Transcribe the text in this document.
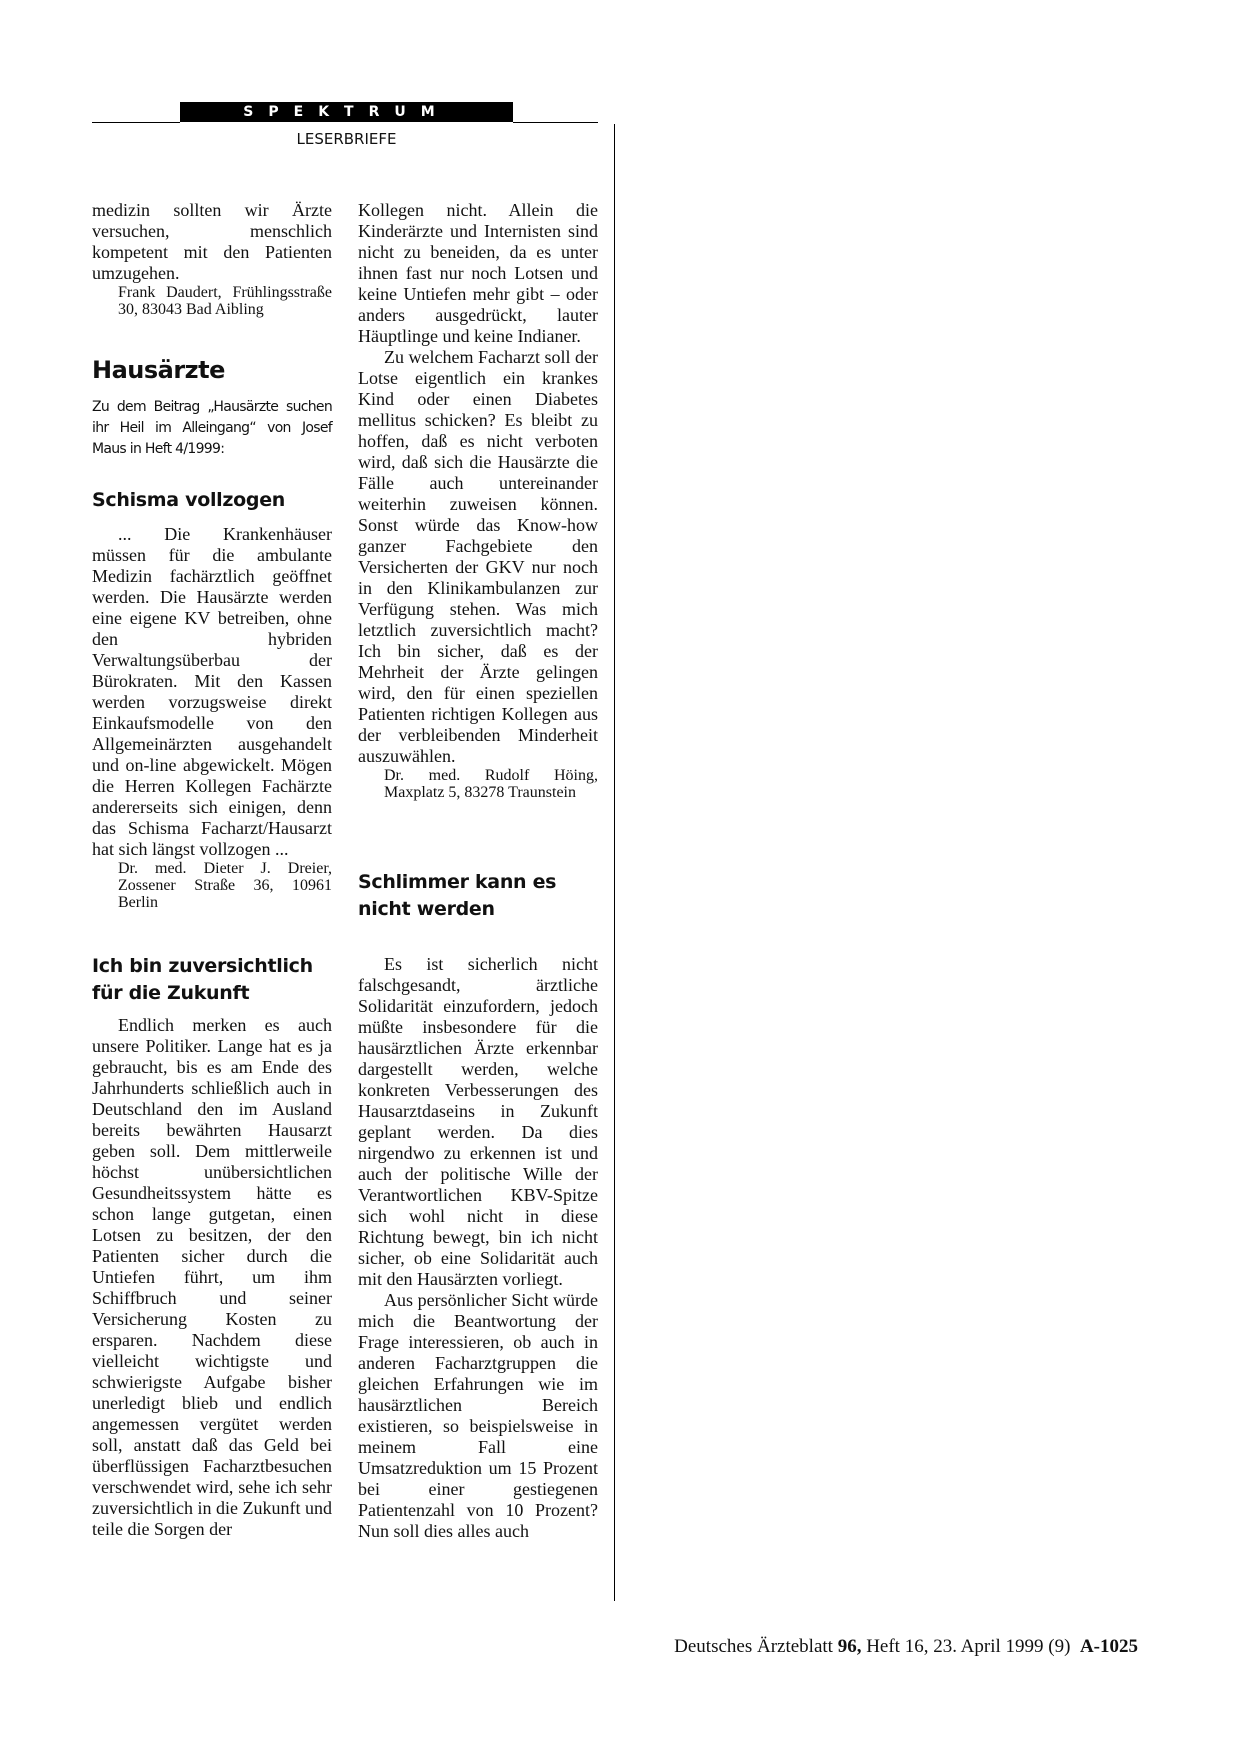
SPEKTRUM
LESERBRIEFE

medizin sollten wir Ärzte versuchen, menschlich kompetent mit den Patienten umzugehen.

Frank Daudert, Frühlingsstraße 30, 83043 Bad Aibling

Hausärzte

Zu dem Beitrag „Hausärzte suchen ihr Heil im Alleingang“ von Josef Maus in Heft 4/1999:

Schisma vollzogen

... Die Krankenhäuser müssen für die ambulante Medizin fachärztlich geöffnet werden. Die Hausärzte werden eine eigene KV betreiben, ohne den hybriden Verwaltungsüberbau der Bürokraten. Mit den Kassen werden vorzugsweise direkt Einkaufsmodelle von den Allgemeinärzten ausgehandelt und on-line abgewickelt. Mögen die Herren Kollegen Fachärzte andererseits sich einigen, denn das Schisma Facharzt/Hausarzt hat sich längst vollzogen ...

Dr. med. Dieter J. Dreier, Zossener Straße 36, 10961 Berlin

Ich bin zuversichtlich für die Zukunft

Endlich merken es auch unsere Politiker. Lange hat es ja gebraucht, bis es am Ende des Jahrhunderts schließlich auch in Deutschland den im Ausland bereits bewährten Hausarzt geben soll. Dem mittlerweile höchst unübersichtlichen Gesundheitssystem hätte es schon lange gutgetan, einen Lotsen zu besitzen, der den Patienten sicher durch die Untiefen führt, um ihm Schiffbruch und seiner Versicherung Kosten zu ersparen. Nachdem diese vielleicht wichtigste und schwierigste Aufgabe bisher unerledigt blieb und endlich angemessen vergütet werden soll, anstatt daß das Geld bei überflüssigen Facharztbesuchen verschwendet wird, sehe ich sehr zuversichtlich in die Zukunft und teile die Sorgen der

Kollegen nicht. Allein die Kinderärzte und Internisten sind nicht zu beneiden, da es unter ihnen fast nur noch Lotsen und keine Untiefen mehr gibt – oder anders ausgedrückt, lauter Häuptlinge und keine Indianer.

Zu welchem Facharzt soll der Lotse eigentlich ein krankes Kind oder einen Diabetes mellitus schicken? Es bleibt zu hoffen, daß es nicht verboten wird, daß sich die Hausärzte die Fälle auch untereinander weiterhin zuweisen können. Sonst würde das Know-how ganzer Fachgebiete den Versicherten der GKV nur noch in den Klinikambulanzen zur Verfügung stehen. Was mich letztlich zuversichtlich macht? Ich bin sicher, daß es der Mehrheit der Ärzte gelingen wird, den für einen speziellen Patienten richtigen Kollegen aus der verbleibenden Minderheit auszuwählen.

Dr. med. Rudolf Höing, Maxplatz 5, 83278 Traunstein

Schlimmer kann es nicht werden

Es ist sicherlich nicht falschgesandt, ärztliche Solidarität einzufordern, jedoch müßte insbesondere für die hausärztlichen Ärzte erkennbar dargestellt werden, welche konkreten Verbesserungen des Hausarztdaseins in Zukunft geplant werden. Da dies nirgendwo zu erkennen ist und auch der politische Wille der Verantwortlichen KBV-Spitze sich wohl nicht in diese Richtung bewegt, bin ich nicht sicher, ob eine Solidarität auch mit den Hausärzten vorliegt.

Aus persönlicher Sicht würde mich die Beantwortung der Frage interessieren, ob auch in anderen Facharztgruppen die gleichen Erfahrungen wie im hausärztlichen Bereich existieren, so beispielsweise in meinem Fall eine Umsatzreduktion um 15 Prozent bei einer gestiegenen Patientenzahl von 10 Prozent? Nun soll dies alles auch

Deutsches Ärzteblatt 96, Heft 16, 23. April 1999 (9) A-1025
